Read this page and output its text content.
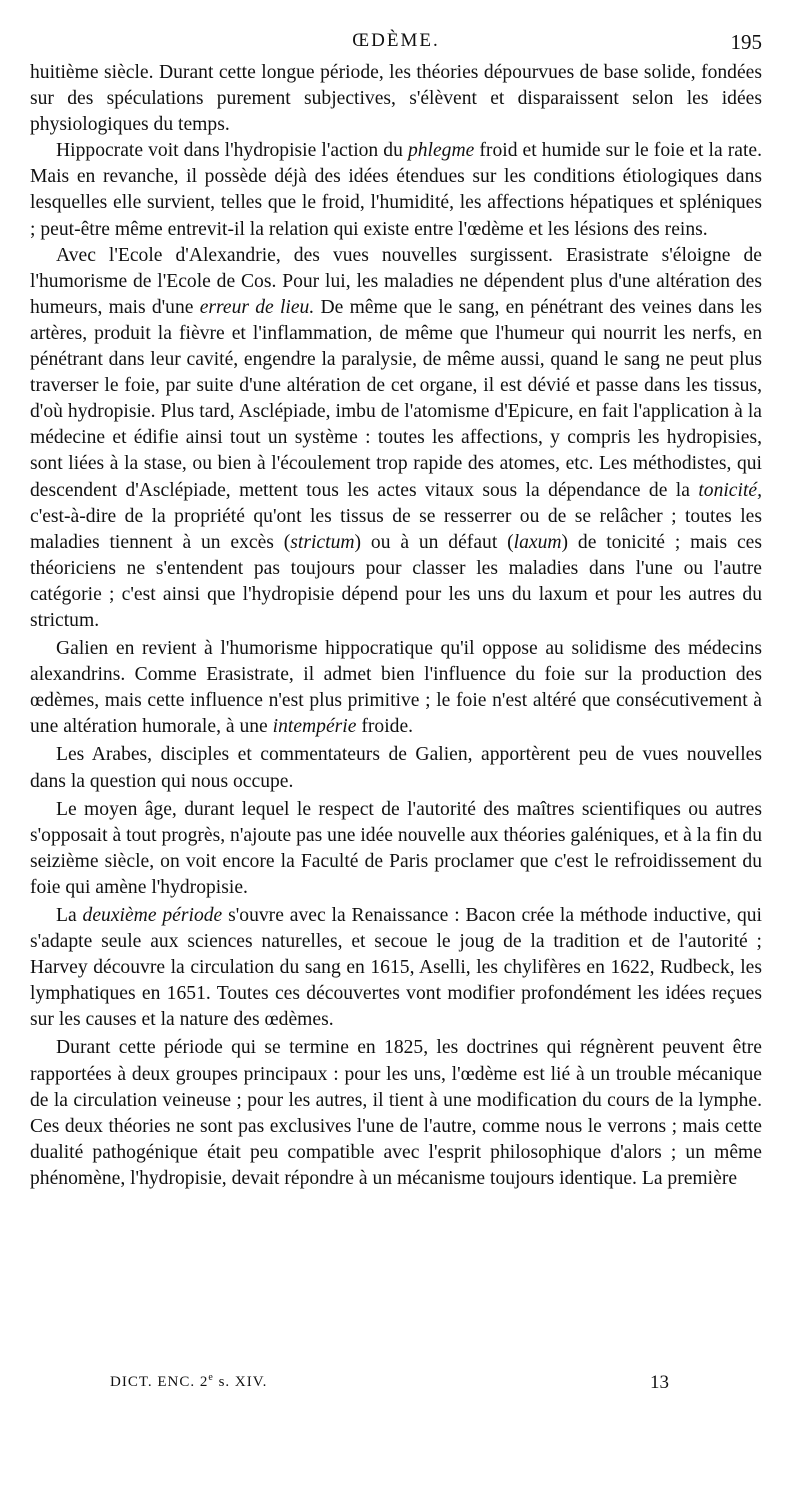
ŒDÈME.	195

huitième siècle. Durant cette longue période, les théories dépourvues de base solide, fondées sur des spéculations purement subjectives, s'élèvent et disparaissent selon les idées physiologiques du temps.

Hippocrate voit dans l'hydropisie l'action du phlegme froid et humide sur le foie et la rate. Mais en revanche, il possède déjà des idées étendues sur les conditions étiologiques dans lesquelles elle survient, telles que le froid, l'humidité, les affections hépatiques et spléniques ; peut-être même entrevit-il la relation qui existe entre l'œdème et les lésions des reins.

Avec l'Ecole d'Alexandrie, des vues nouvelles surgissent. Erasistrate s'éloigne de l'humorisme de l'Ecole de Cos. Pour lui, les maladies ne dépendent plus d'une altération des humeurs, mais d'une erreur de lieu. De même que le sang, en pénétrant des veines dans les artères, produit la fièvre et l'inflammation, de même que l'humeur qui nourrit les nerfs, en pénétrant dans leur cavité, engendre la paralysie, de même aussi, quand le sang ne peut plus traverser le foie, par suite d'une altération de cet organe, il est dévié et passe dans les tissus, d'où hydropisie. Plus tard, Asclépiade, imbu de l'atomisme d'Epicure, en fait l'application à la médecine et édifie ainsi tout un système : toutes les affections, y compris les hydropisies, sont liées à la stase, ou bien à l'écoulement trop rapide des atomes, etc. Les méthodistes, qui descendent d'Asclépiade, mettent tous les actes vitaux sous la dépendance de la tonicité, c'est-à-dire de la propriété qu'ont les tissus de se resserrer ou de se relâcher ; toutes les maladies tiennent à un excès (strictum) ou à un défaut (laxum) de tonicité ; mais ces théoriciens ne s'entendent pas toujours pour classer les maladies dans l'une ou l'autre catégorie ; c'est ainsi que l'hydropisie dépend pour les uns du laxum et pour les autres du strictum.

Galien en revient à l'humorisme hippocratique qu'il oppose au solidisme des médecins alexandrins. Comme Erasistrate, il admet bien l'influence du foie sur la production des œdèmes, mais cette influence n'est plus primitive ; le foie n'est altéré que consécutivement à une altération humorale, à une intempérie froide.

Les Arabes, disciples et commentateurs de Galien, apportèrent peu de vues nouvelles dans la question qui nous occupe.

Le moyen âge, durant lequel le respect de l'autorité des maîtres scientifiques ou autres s'opposait à tout progrès, n'ajoute pas une idée nouvelle aux théories galéniques, et à la fin du seizième siècle, on voit encore la Faculté de Paris proclamer que c'est le refroidissement du foie qui amène l'hydropisie.

La deuxième période s'ouvre avec la Renaissance : Bacon crée la méthode inductive, qui s'adapte seule aux sciences naturelles, et secoue le joug de la tradition et de l'autorité ; Harvey découvre la circulation du sang en 1615, Aselli, les chylifères en 1622, Rudbeck, les lymphatiques en 1651. Toutes ces découvertes vont modifier profondément les idées reçues sur les causes et la nature des œdèmes.

Durant cette période qui se termine en 1825, les doctrines qui régnèrent peuvent être rapportées à deux groupes principaux : pour les uns, l'œdème est lié à un trouble mécanique de la circulation veineuse ; pour les autres, il tient à une modification du cours de la lymphe. Ces deux théories ne sont pas exclusives l'une de l'autre, comme nous le verrons ; mais cette dualité pathogénique était peu compatible avec l'esprit philosophique d'alors ; un même phénomène, l'hydropisie, devait répondre à un mécanisme toujours identique. La première

DICT. ENC. 2e s. XIV.	13
